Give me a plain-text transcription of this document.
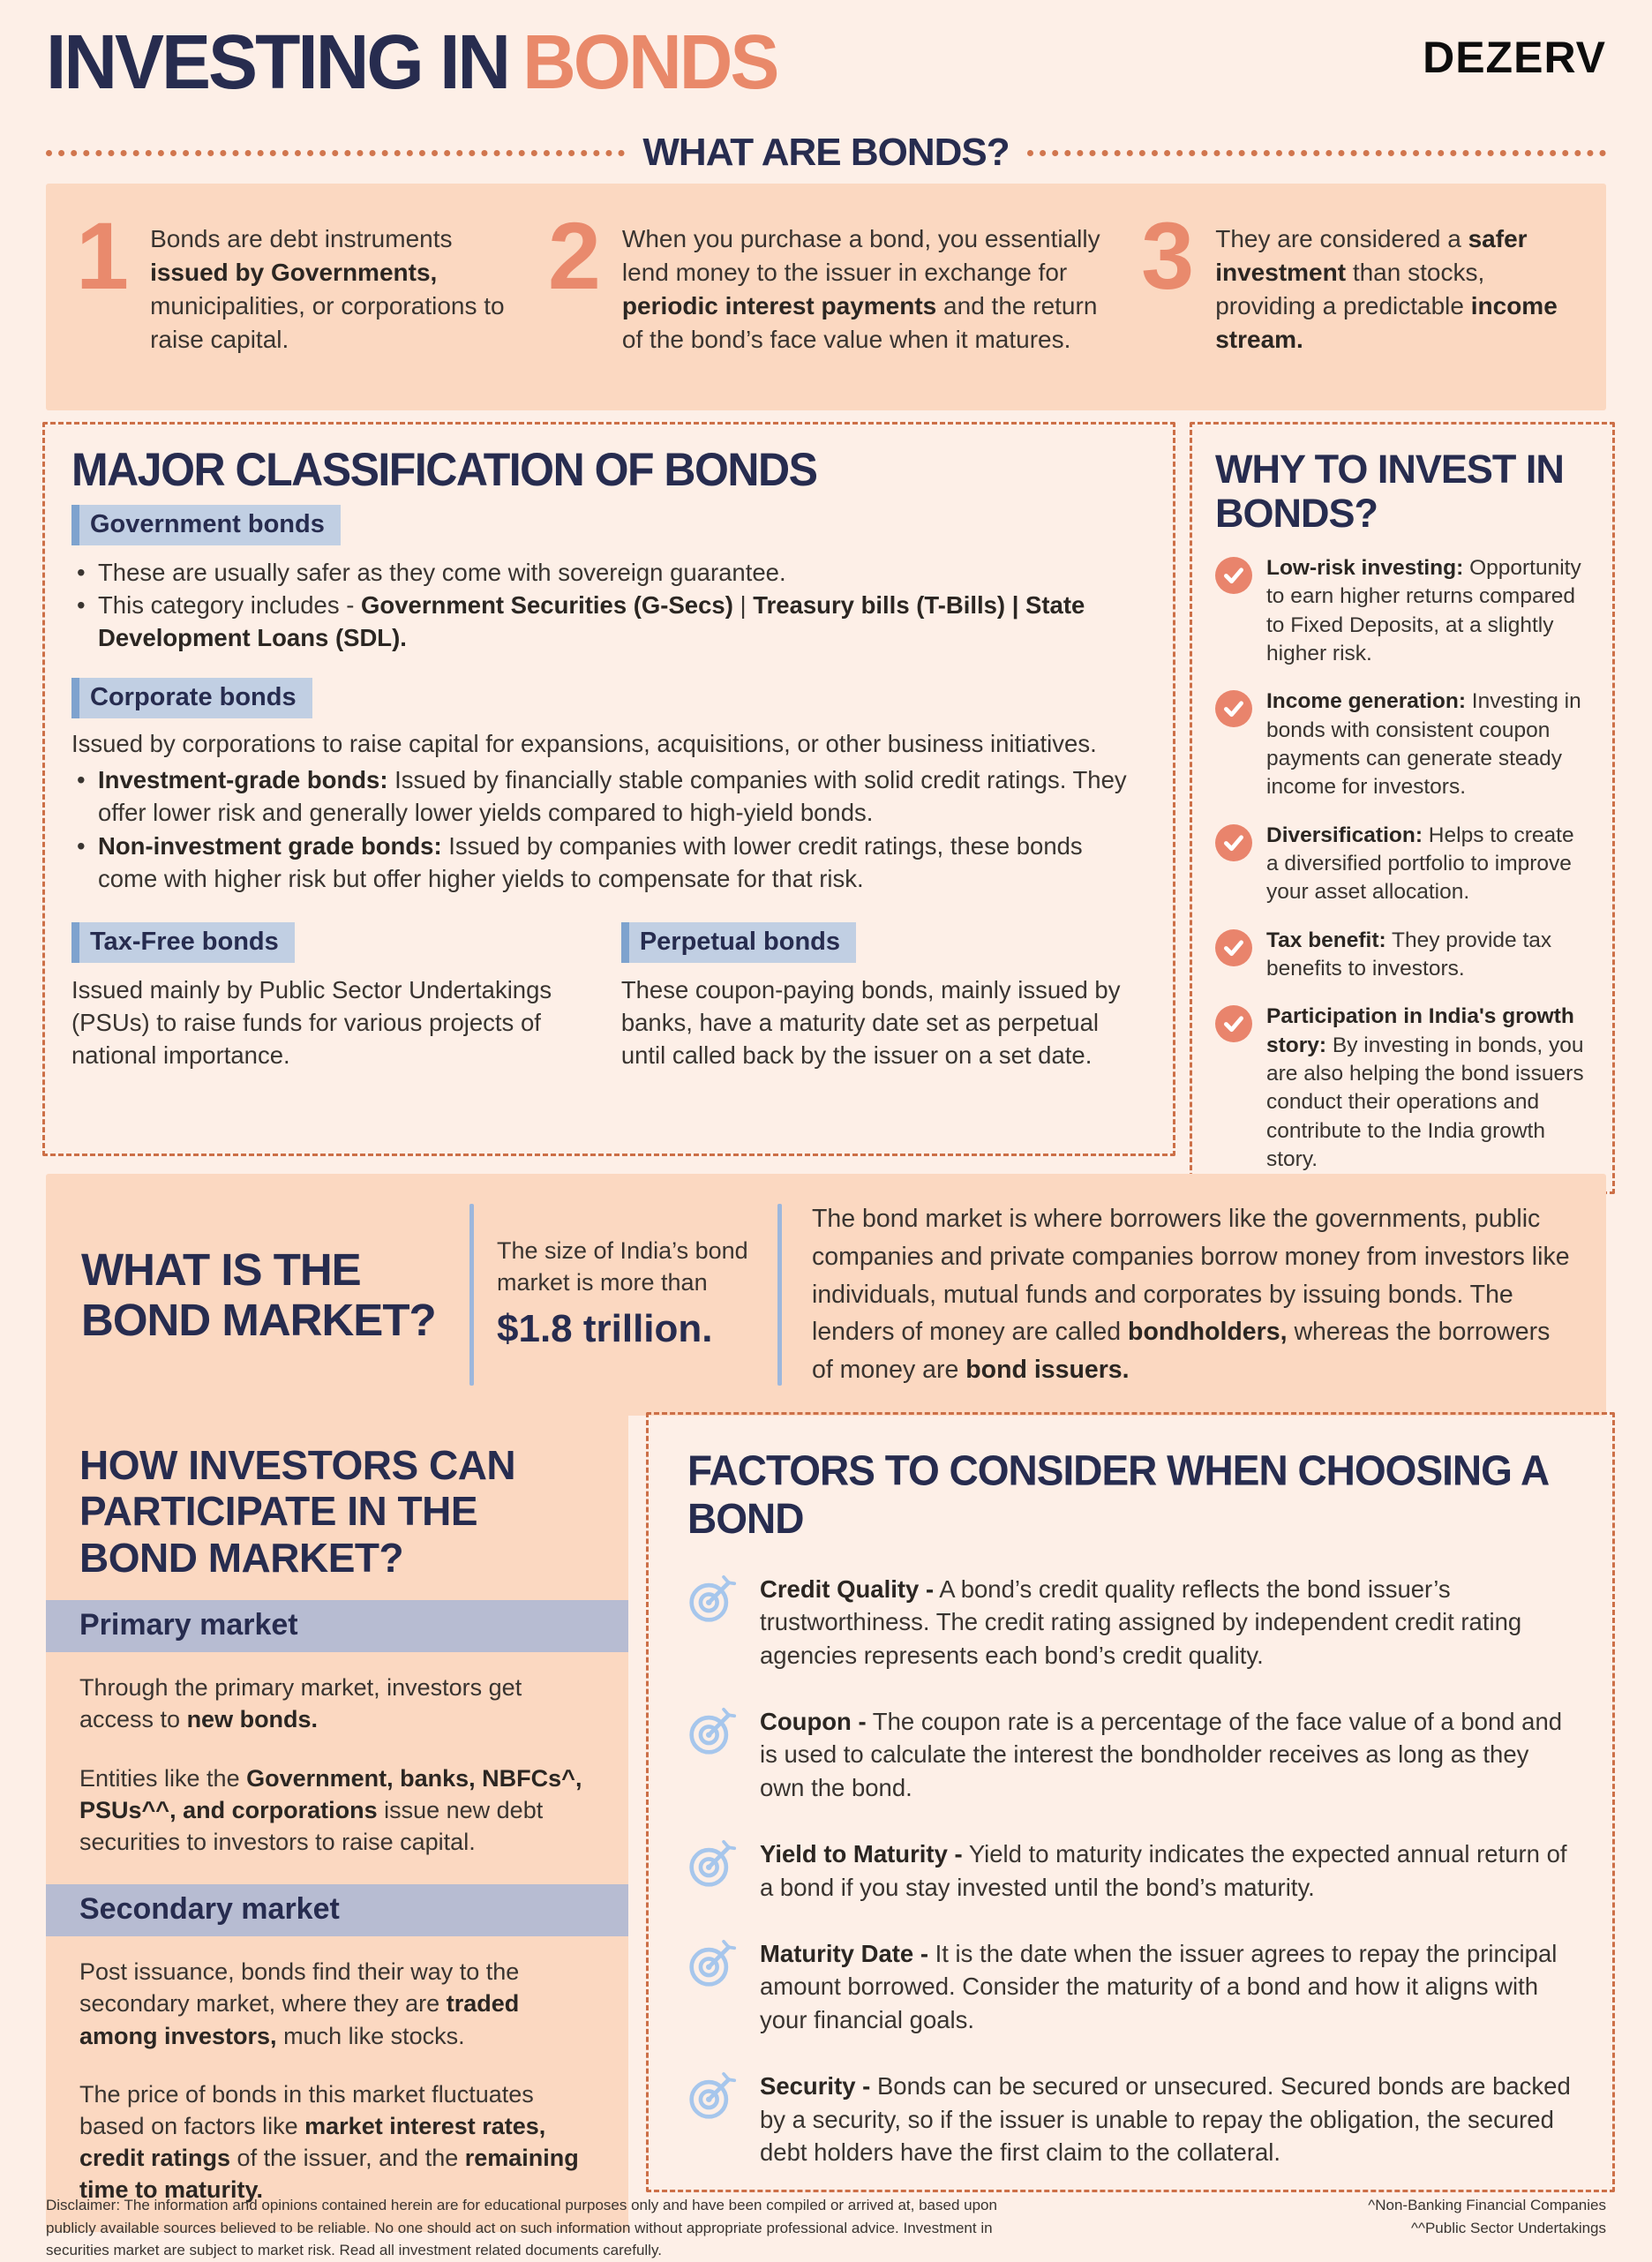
INVESTING IN BONDS	DEZERV
WHAT ARE BONDS?
1 Bonds are debt instruments issued by Governments, municipalities, or corporations to raise capital.
2 When you purchase a bond, you essentially lend money to the issuer in exchange for periodic interest payments and the return of the bond’s face value when it matures.
3 They are considered a safer investment than stocks, providing a predictable income stream.
MAJOR CLASSIFICATION OF BONDS
Government bonds
• These are usually safer as they come with sovereign guarantee.
• This category includes - Government Securities (G-Secs) | Treasury bills (T-Bills) | State Development Loans (SDL).
Corporate bonds
Issued by corporations to raise capital for expansions, acquisitions, or other business initiatives.
• Investment-grade bonds: Issued by financially stable companies with solid credit ratings. They offer lower risk and generally lower yields compared to high-yield bonds.
• Non-investment grade bonds: Issued by companies with lower credit ratings, these bonds come with higher risk but offer higher yields to compensate for that risk.
Tax-Free bonds
Issued mainly by Public Sector Undertakings (PSUs) to raise funds for various projects of national importance.
Perpetual bonds
These coupon-paying bonds, mainly issued by banks, have a maturity date set as perpetual until called back by the issuer on a set date.
WHY TO INVEST IN BONDS?

Low-risk investing: Opportunity to earn higher returns compared to Fixed Deposits, at a slightly higher risk.

Income generation: Investing in bonds with consistent coupon payments can generate steady income for investors.

Diversification: Helps to create a diversified portfolio to improve your asset allocation.

Tax benefit: They provide tax benefits to investors.

Participation in India's growth story: By investing in bonds, you are also helping the bond issuers conduct their operations and contribute to the India growth story.

WHAT IS THE BOND MARKET?
The size of India’s bond market is more than
$1.8 trillion.
The bond market is where borrowers like the governments, public companies and private companies borrow money from investors like individuals, mutual funds and corporates by issuing bonds. The lenders of money are called bondholders, whereas the borrowers of money are bond issuers.
HOW INVESTORS CAN PARTICIPATE IN THE BOND MARKET?
Primary market

Through the primary market, investors get access to new bonds.

Entities like the Government, banks, NBFCs^, PSUs^^, and corporations issue new debt securities to investors to raise capital.

Secondary market

Post issuance, bonds find their way to the secondary market, where they are traded among investors, much like stocks.

The price of bonds in this market fluctuates based on factors like market interest rates, credit ratings of the issuer, and the remaining time to maturity.

FACTORS TO CONSIDER WHEN CHOOSING A BOND

Credit Quality - A bond’s credit quality reflects the bond issuer’s trustworthiness. The credit rating assigned by independent credit rating agencies represents each bond’s credit quality.

Coupon - The coupon rate is a percentage of the face value of a bond and is used to calculate the interest the bondholder receives as long as they own the bond.

Yield to Maturity - Yield to maturity indicates the expected annual return of a bond if you stay invested until the bond’s maturity.

Maturity Date - It is the date when the issuer agrees to repay the principal amount borrowed. Consider the maturity of a bond and how it aligns with your financial goals.

Security - Bonds can be secured or unsecured. Secured bonds are backed by a security, so if the issuer is unable to repay the obligation, the secured debt holders have the first claim to the collateral.

Disclaimer: The information and opinions contained herein are for educational purposes only and have been compiled or arrived at, based upon publicly available sources believed to be reliable. No one should act on such information without appropriate professional advice. Investment in securities market are subject to market risk. Read all investment related documents carefully.
^Non-Banking Financial Companies
^^Public Sector Undertakings
